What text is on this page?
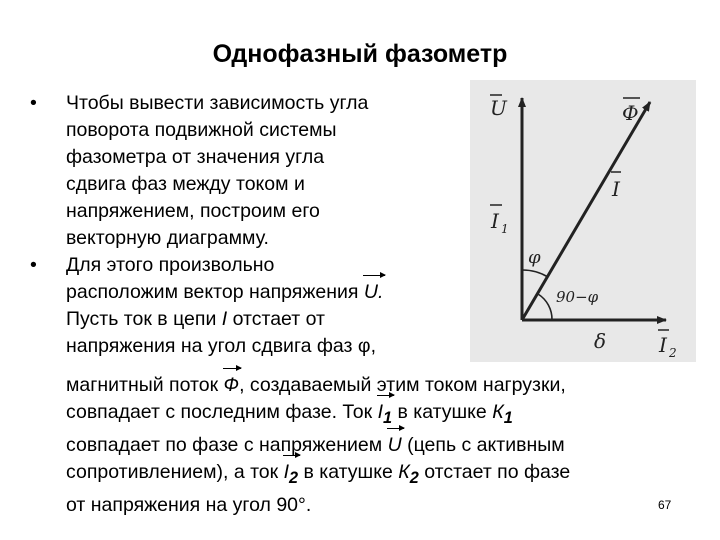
Однофазный фазометр
• Чтобы вывести зависимость угла
поворота подвижной системы
фазометра от значения угла
сдвига фаз между током и
напряжением, построим его
векторную диаграмму.
• Для этого произвольно
расположим вектор напряжения U.
Пусть ток в цепи I отстает от
напряжения на угол сдвига фаз φ,
магнитный поток Ф, создаваемый этим током нагрузки,
совпадает с последним фазе. Ток $I_1$ в катушке $К_1$
совпадает по фазе с напряжением U (цепь с активным
сопротивлением), а ток $I_2$ в катушке $К_2$ отстает по фазе
от напряжения на угол 90°.	67
U	Ф
I
I 1
φ
90−φ
δ	I 2
